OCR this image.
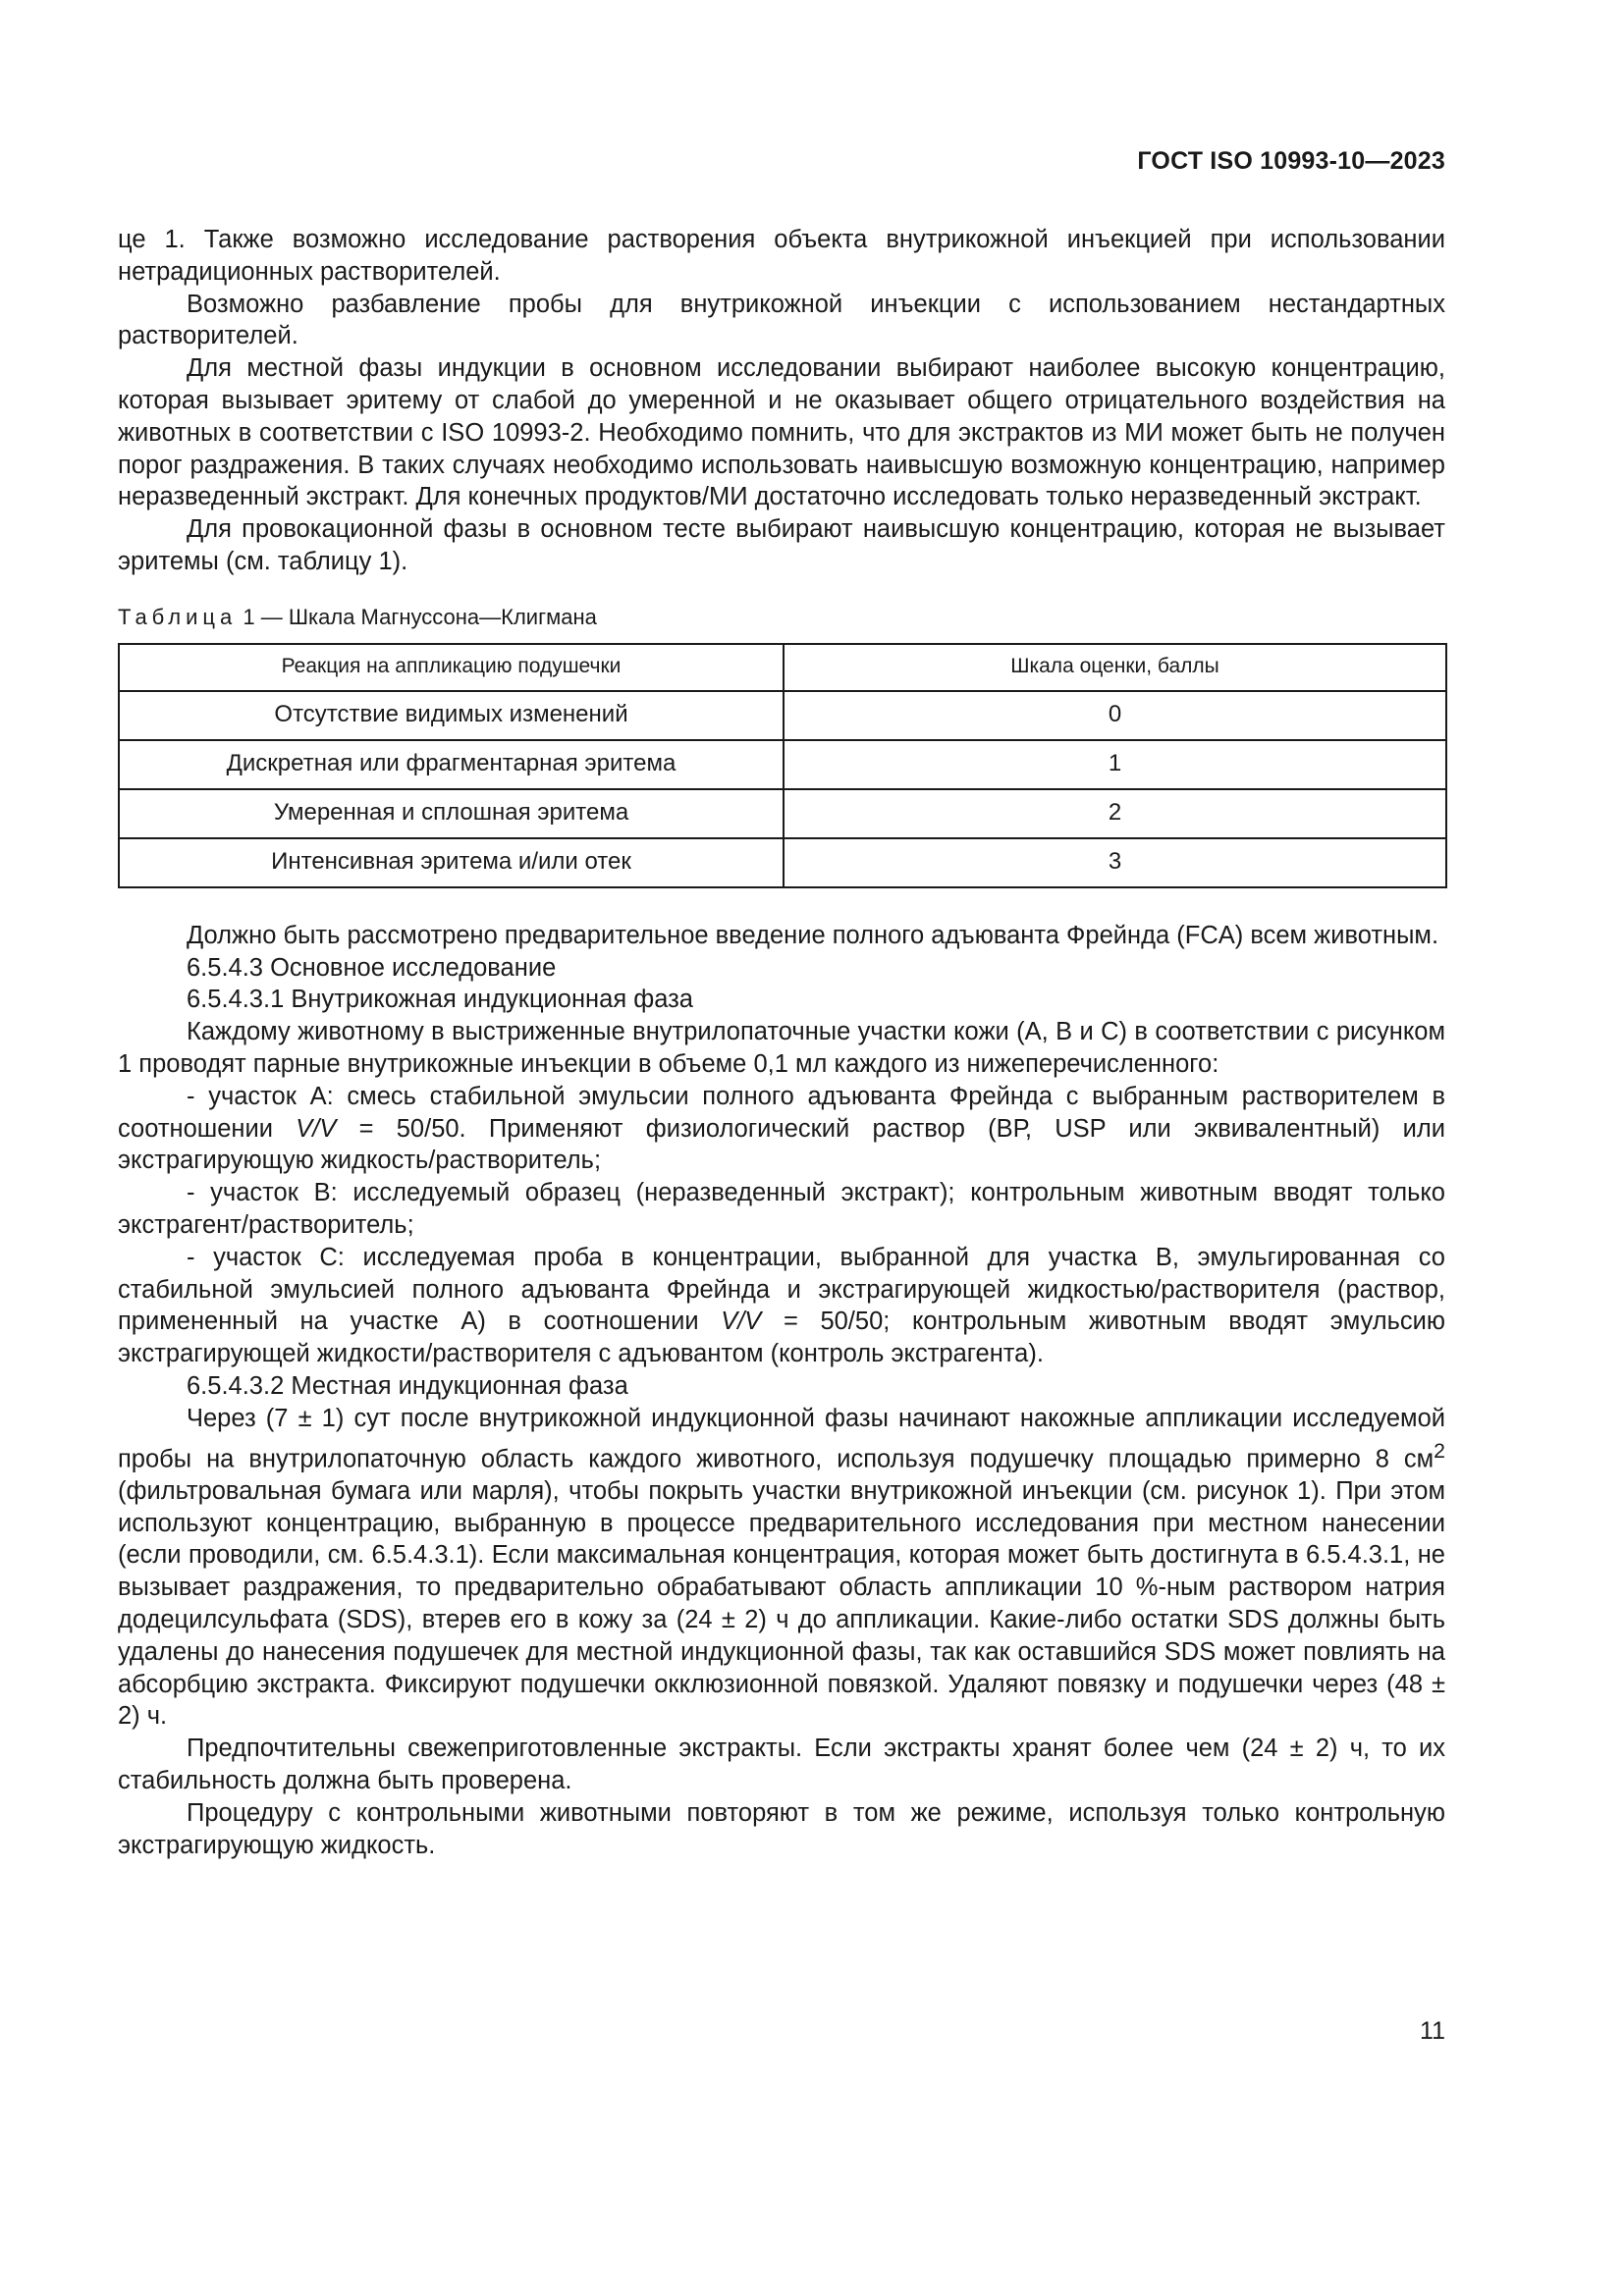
ГОСТ ISO 10993-10—2023

це 1. Также возможно исследование растворения объекта внутрикожной инъекцией при использовании нетрадиционных растворителей.

Возможно разбавление пробы для внутрикожной инъекции с использованием нестандартных растворителей.

Для местной фазы индукции в основном исследовании выбирают наиболее высокую концентрацию, которая вызывает эритему от слабой до умеренной и не оказывает общего отрицательного воздействия на животных в соответствии с ISO 10993-2. Необходимо помнить, что для экстрактов из МИ может быть не получен порог раздражения. В таких случаях необходимо использовать наивысшую возможную концентрацию, например неразведенный экстракт. Для конечных продуктов/МИ достаточно исследовать только неразведенный экстракт.

Для провокационной фазы в основном тесте выбирают наивысшую концентрацию, которая не вызывает эритемы (см. таблицу 1).

Таблица 1 — Шкала Магнуссона—Клигмана
Реакция на аппликацию подушечки	Шкала оценки, баллы
Отсутствие видимых изменений	0
Дискретная или фрагментарная эритема	1
Умеренная и сплошная эритема	2
Интенсивная эритема и/или отек	3

Должно быть рассмотрено предварительное введение полного адъюванта Фрейнда (FCA) всем животным.

6.5.4.3 Основное исследование

6.5.4.3.1 Внутрикожная индукционная фаза

Каждому животному в выстриженные внутрилопаточные участки кожи (А, В и С) в соответствии с рисунком 1 проводят парные внутрикожные инъекции в объеме 0,1 мл каждого из нижеперечисленного:

- участок А: смесь стабильной эмульсии полного адъюванта Фрейнда с выбранным растворителем в соотношении V/V = 50/50. Применяют физиологический раствор (ВР, USP или эквивалентный) или экстрагирующую жидкость/растворитель;

- участок В: исследуемый образец (неразведенный экстракт); контрольным животным вводят только экстрагент/растворитель;

- участок С: исследуемая проба в концентрации, выбранной для участка В, эмульгированная со стабильной эмульсией полного адъюванта Фрейнда и экстрагирующей жидкостью/растворителя (раствор, примененный на участке А) в соотношении V/V = 50/50; контрольным животным вводят эмульсию экстрагирующей жидкости/растворителя с адъювантом (контроль экстрагента).

6.5.4.3.2 Местная индукционная фаза

Через (7 ± 1) сут после внутрикожной индукционной фазы начинают накожные аппликации исследуемой пробы на внутрилопаточную область каждого животного, используя подушечку площадью примерно 8 $см^2$ (фильтровальная бумага или марля), чтобы покрыть участки внутрикожной инъекции (см. рисунок 1). При этом используют концентрацию, выбранную в процессе предварительного исследования при местном нанесении (если проводили, см. 6.5.4.3.1). Если максимальная концентрация, которая может быть достигнута в 6.5.4.3.1, не вызывает раздражения, то предварительно обрабатывают область аппликации 10 %-ным раствором натрия додецилсульфата (SDS), втерев его в кожу за (24 ± 2) ч до аппликации. Какие-либо остатки SDS должны быть удалены до нанесения подушечек для местной индукционной фазы, так как оставшийся SDS может повлиять на абсорбцию экстракта. Фиксируют подушечки окклюзионной повязкой. Удаляют повязку и подушечки через (48 ± 2) ч.

Предпочтительны свежеприготовленные экстракты. Если экстракты хранят более чем (24 ± 2) ч, то их стабильность должна быть проверена.

Процедуру с контрольными животными повторяют в том же режиме, используя только контрольную экстрагирующую жидкость.

11
